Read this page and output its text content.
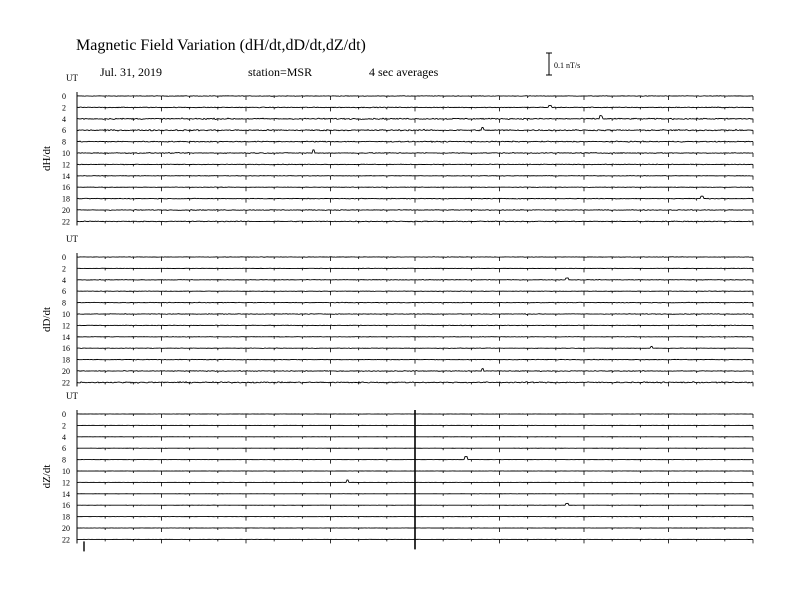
UT
dH/dt
0
2
4
6
8
10
12
14
16
18
20
22
UT
dD/dt
0
2
4
6
8
10
12
14
16
18
20
22
UT
dZ/dt
0
2
4
6
8
10
12
14
16
18
20
22
Magnetic Field Variation (dH/dt,dD/dt,dZ/dt)
Jul. 31, 2019	station=MSR	4 sec averages	0.1 nT/s
